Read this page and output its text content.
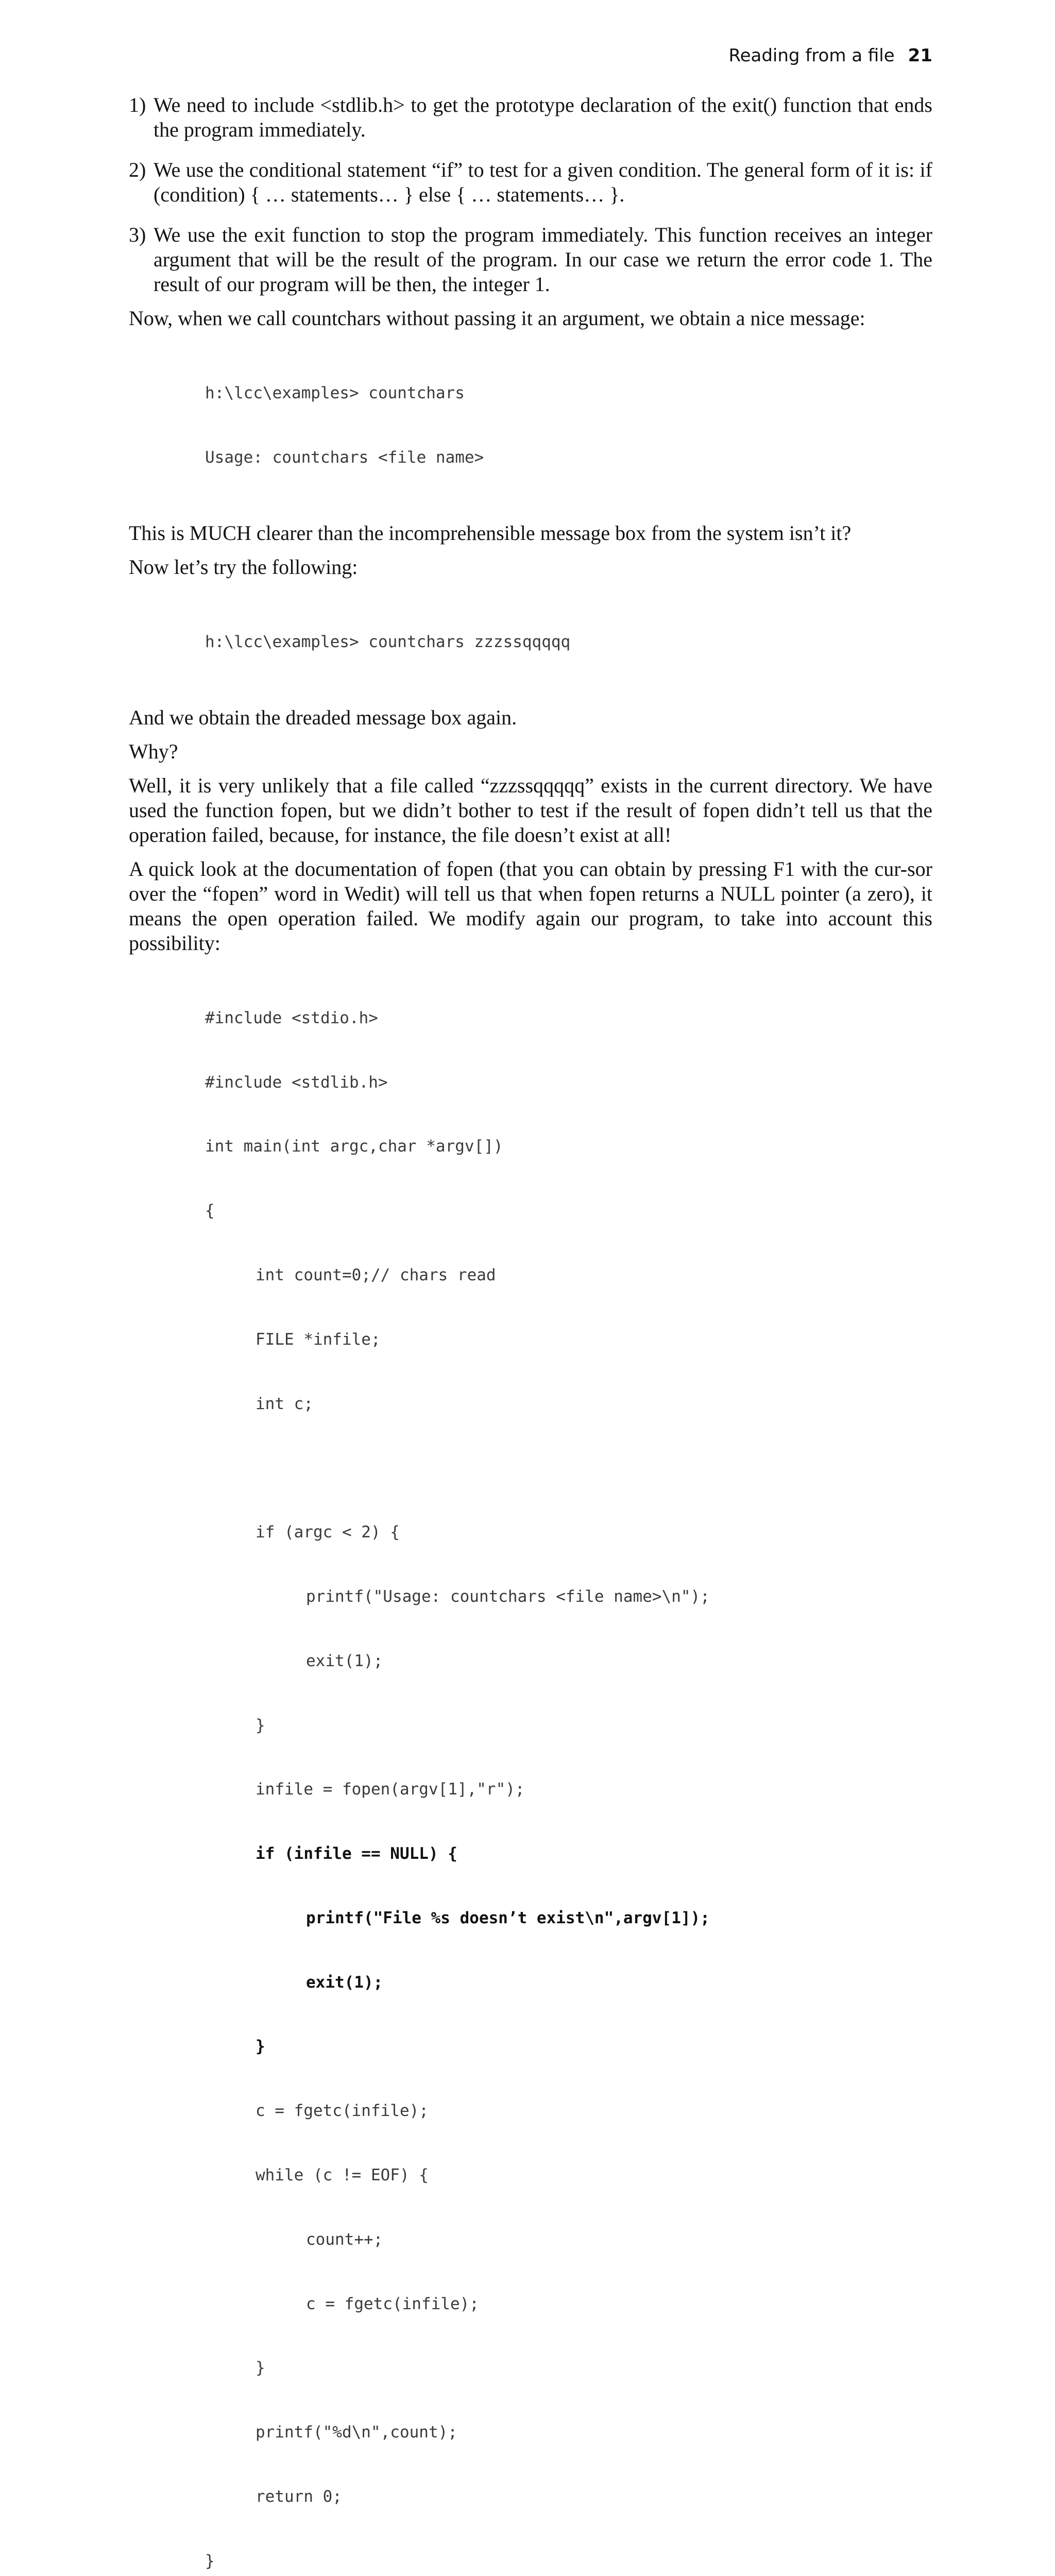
Reading from a file 21
1) We need to include <stdlib.h> to get the prototype declaration of the exit() function that ends the program immediately.
2) We use the conditional statement “if” to test for a given condition. The general form of it is: if (condition) { … statements… } else { … statements… }.
3) We use the exit function to stop the program immediately. This function receives an integer argument that will be the result of the program. In our case we return the error code 1. The result of our program will be then, the integer 1.

Now, when we call countchars without passing it an argument, we obtain a nice message:

h:\lcc\examples> countchars

Usage: countchars <file name>

This is MUCH clearer than the incomprehensible message box from the system isn’t it?

Now let’s try the following:

h:\lcc\examples> countchars zzzssqqqqq

And we obtain the dreaded message box again.

Why?

Well, it is very unlikely that a file called “zzzssqqqqq” exists in the current directory. We have used the function fopen, but we didn’t bother to test if the result of fopen didn’t tell us that the operation failed, because, for instance, the file doesn’t exist at all!

A quick look at the documentation of fopen (that you can obtain by pressing F1 with the cur-sor over the “fopen” word in Wedit) will tell us that when fopen returns a NULL pointer (a zero), it means the open operation failed. We modify again our program, to take into account this possibility:

#include <stdio.h>

#include <stdlib.h>

int main(int argc,char *argv[])

{

int count=0;// chars read

FILE *infile;

int c;

if (argc < 2) {

printf("Usage: countchars <file name>\n");

exit(1);

}

infile = fopen(argv[1],"r");

if (infile == NULL) {

printf("File %s doesn’t exist\n",argv[1]);

exit(1);

}

c = fgetc(infile);

while (c != EOF) {

count++;

c = fgetc(infile);

}

printf("%d\n",count);

return 0;

}
